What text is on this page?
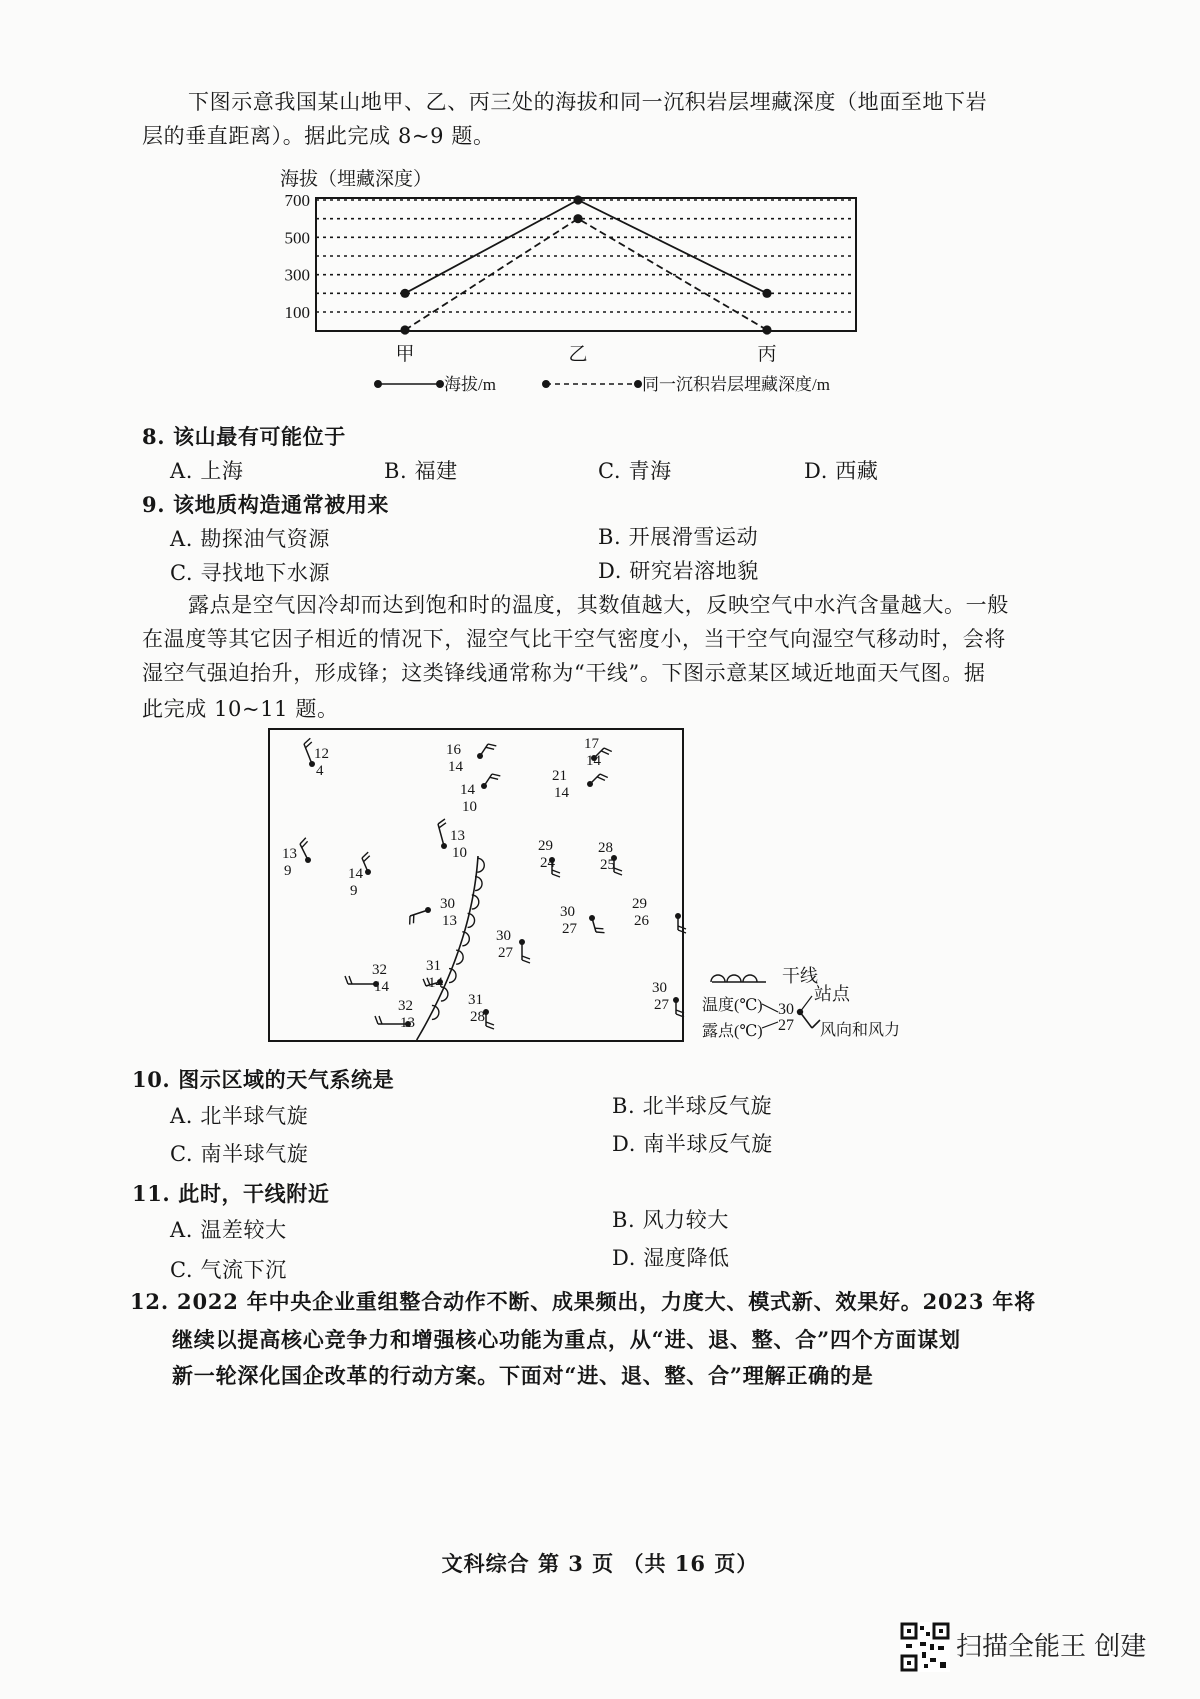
下图示意我国某山地甲、乙、丙三处的海拔和同一沉积岩层埋藏深度（地面至地下岩
层的垂直距离）。据此完成 8~9 题。
海拔（埋藏深度）
700
500
300
100
甲	乙	丙
海拔/m	同一沉积岩层埋藏深度/m
8. 该山最有可能位于
A. 上海	B. 福建	C. 青海	D. 西藏
9. 该地质构造通常被用来
A. 勘探油气资源	B. 开展滑雪运动
C. 寻找地下水源	D. 研究岩溶地貌
露点是空气因冷却而达到饱和时的温度，其数值越大，反映空气中水汽含量越大。一般
在温度等其它因子相近的情况下，湿空气比干空气密度小，当干空气向湿空气移动时，会将
湿空气强迫抬升，形成锋；这类锋线通常称为“干线”。下图示意某区域近地面天气图。据
此完成 10~11 题。
12
4
16
14
17
14
14
10
21
14
13
10
13
9	14
9
29
24
28
25
29
26
30
13
30
27
30
27
32
14
31
14
32
13
31
28
30
27
干线
温度(℃)
露点(℃)
30
27
站点
风向和风力
10. 图示区域的天气系统是
A. 北半球气旋	B. 北半球反气旋
C. 南半球气旋	D. 南半球反气旋
11. 此时，干线附近
A. 温差较大	B. 风力较大
C. 气流下沉	D. 湿度降低
12. 2022 年中央企业重组整合动作不断、成果频出，力度大、模式新、效果好。2023 年将
继续以提高核心竞争力和增强核心功能为重点，从“进、退、整、合”四个方面谋划
新一轮深化国企改革的行动方案。下面对“进、退、整、合”理解正确的是
文科综合 第 3 页 （共 16 页）
扫描全能王 创建
